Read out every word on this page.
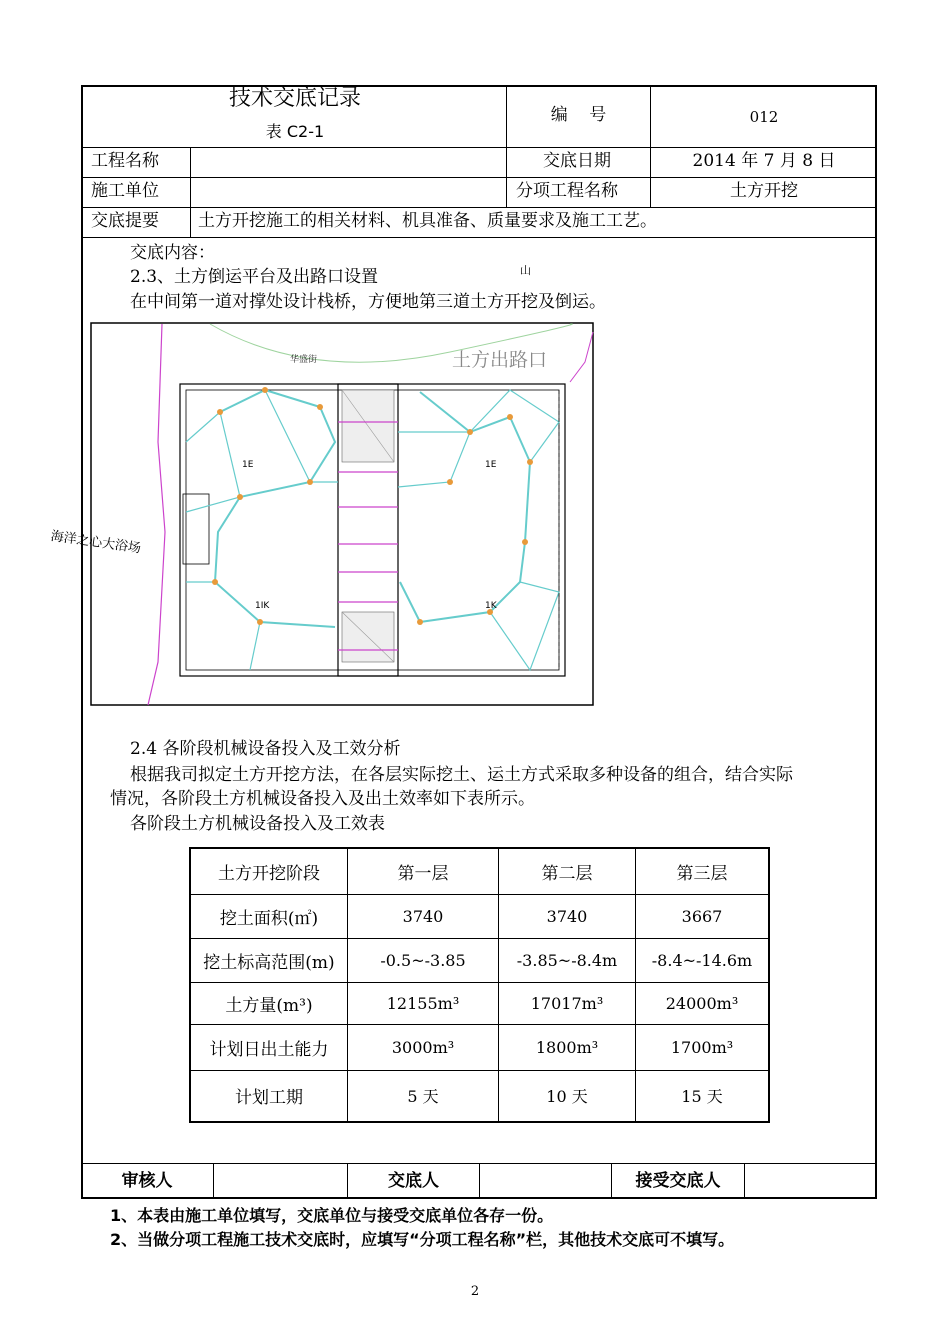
技术交底记录
表 C2-1
编    号	012
工程名称	交底日期	2014 年 7 月 8 日
施工单位	分项工程名称	土方开挖
交底提要 土方开挖施工的相关材料、机具准备、质量要求及施工工艺。
交底内容：
2.3、土方倒运平台及出路口设置	山
在中间第一道对撑处设计栈桥，方便地第三道土方开挖及倒运。
华盛街	土方出路口
1E	1E
1IK	1K
海洋之心大浴场
2.4 各阶段机械设备投入及工效分析
根据我司拟定土方开挖方法，在各层实际挖土、运土方式采取多种设备的组合，结合实际
情况，各阶段土方机械设备投入及出土效率如下表所示。
各阶段土方机械设备投入及工效表
土方开挖阶段	第一层	第二层	第三层
挖土面积(㎡)	3740	3740	3667
挖土标高范围(m)	-0.5~-3.85	-3.85~-8.4m	-8.4~-14.6m
土方量(m³)	12155m³	17017m³	24000m³
计划日出土能力	3000m³	1800m³	1700m³
计划工期	5 天	10 天	15 天
审核人	交底人	接受交底人
1、本表由施工单位填写，交底单位与接受交底单位各存一份。
2、当做分项工程施工技术交底时，应填写“分项工程名称”栏，其他技术交底可不填写。
2
